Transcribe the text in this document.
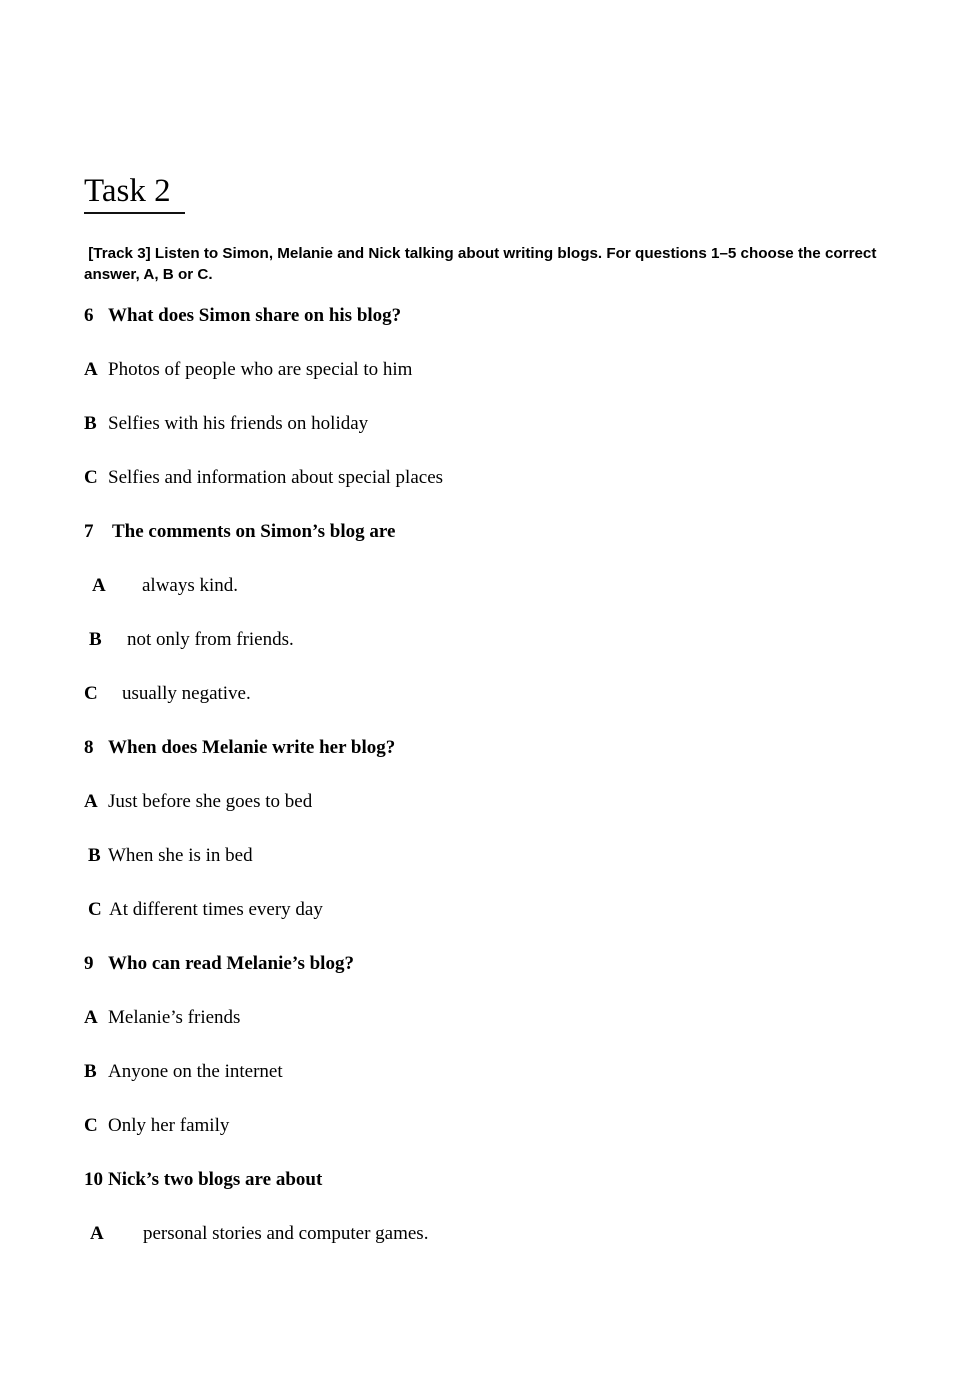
Task 2

[Track 3] Listen to Simon, Melanie and Nick talking about writing blogs. For questions 1–5 choose the correct answer, A, B or C.

6 What does Simon share on his blog?

A Photos of people who are special to him

B Selfies with his friends on holiday

C Selfies and information about special places

7 The comments on Simon’s blog are

A always kind.

B not only from friends.

C usually negative.

8 When does Melanie write her blog?

A Just before she goes to bed

B When she is in bed

C At different times every day

9 Who can read Melanie’s blog?

A Melanie’s friends

B Anyone on the internet

C Only her family

10 Nick’s two blogs are about

A personal stories and computer games.
